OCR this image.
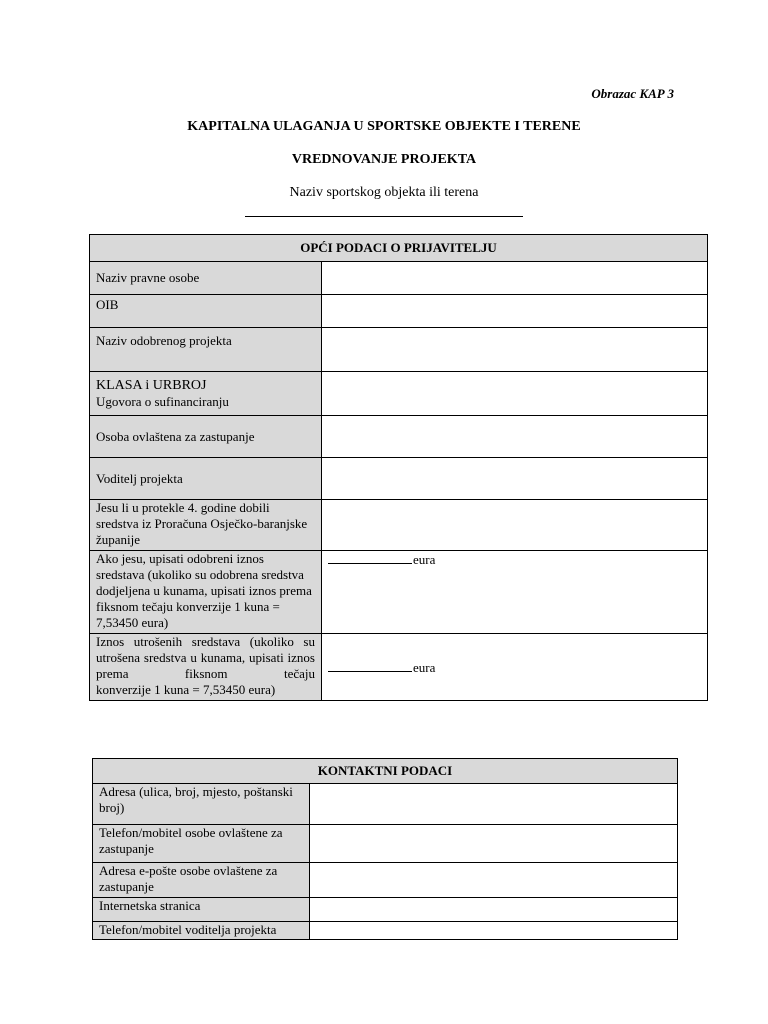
Obrazac KAP 3
KAPITALNA ULAGANJA U SPORTSKE OBJEKTE I TERENE
VREDNOVANJE PROJEKTA
Naziv sportskog objekta ili terena
OPĆI PODACI O PRIJAVITELJU	
Naziv pravne osobe	
OIB	
Naziv odobrenog projekta	
KLASA i URBROJ
Ugovora o sufinanciranju	
Osoba ovlaštena za zastupanje	
Voditelj projekta	
Jesu li u protekle 4. godine dobili sredstva iz Proračuna Osječko-baranjske županije	
Ako jesu, upisati odobreni iznos sredstava (ukoliko su odobrena sredstva dodjeljena u kunama, upisati iznos prema fiksnom tečaju konverzije 1 kuna = 7,53450 eura)	eura
Iznos utrošenih sredstava (ukoliko su utrošena sredstva u kunama, upisati iznos prema fiksnom tečaju
konverzije 1 kuna = 7,53450 eura)	eura
KONTAKTNI PODACI	
Adresa (ulica, broj, mjesto, poštanski broj)	
Telefon/mobitel osobe ovlaštene za zastupanje	
Adresa e-pošte osobe ovlaštene za zastupanje	
Internetska stranica	
Telefon/mobitel voditelja projekta	
